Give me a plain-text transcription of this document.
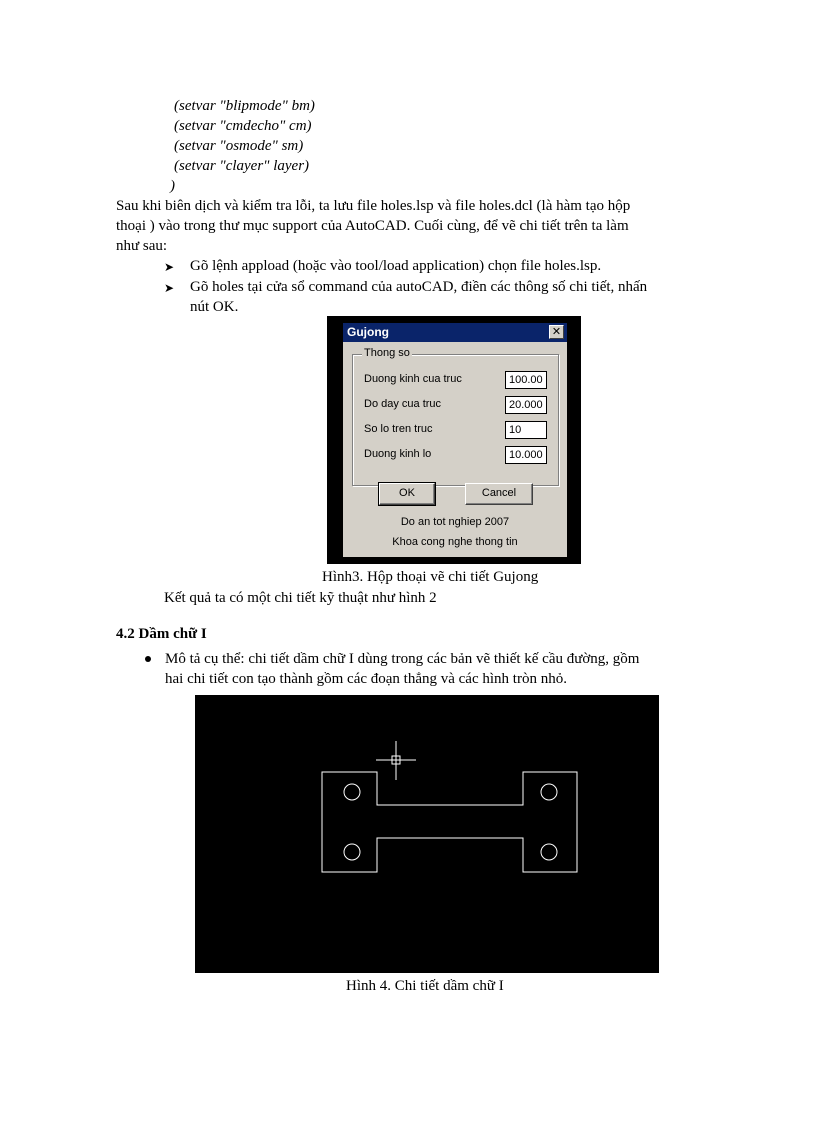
(setvar "blipmode" bm)
(setvar "cmdecho" cm)
(setvar "osmode" sm)
(setvar "clayer" layer)
)
Sau khi biên dịch và kiểm tra lỗi, ta lưu file holes.lsp và file holes.dcl (là hàm tạo hộp
thoại ) vào trong thư mục support của AutoCAD. Cuối cùng, để vẽ chi tiết trên ta làm
như sau:
➤ Gõ lệnh appload (hoặc vào tool/load application) chọn file holes.lsp.
➤ Gõ holes tại cửa sổ command của autoCAD, điền các thông số chi tiết, nhấn
nút OK.
Gujong	✕
Thong so
Duong kinh cua truc	100.00
Do day cua truc	20.000
So lo tren truc	10
Duong kinh lo	10.000
OK	Cancel
Do an tot nghiep 2007
Khoa cong nghe thong tin
Hình3. Hộp thoại vẽ chi tiết Gujong
Kết quả ta có một chi tiết kỹ thuật như hình 2
4.2 Dầm chữ I
Mô tả cụ thể: chi tiết dầm chữ I dùng trong các bản vẽ thiết kế cầu đường, gồm
hai chi tiết con tạo thành gồm các đoạn thẳng và các hình tròn nhỏ.
Hình 4. Chi tiết dầm chữ I
